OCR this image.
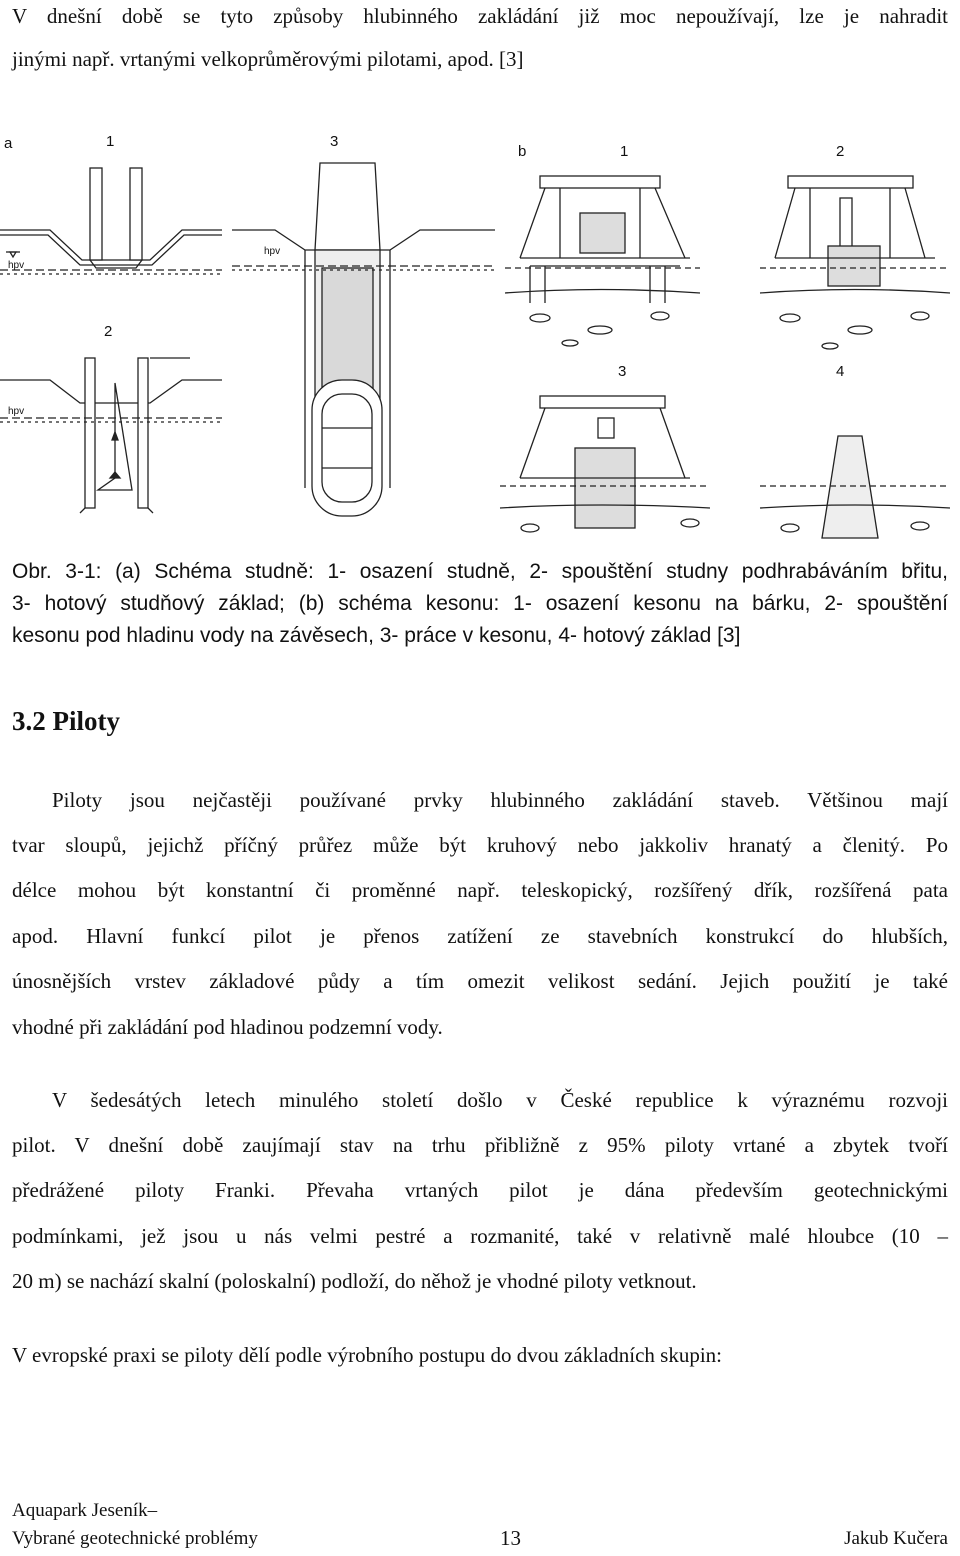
V dnešní době se tyto způsoby hlubinného zakládání již moc nepoužívají, lze je nahradit

jinými např. vrtanými velkoprůměrovými pilotami, apod. [3]

a	1	3
2
hpv
hpv
hpv
b	1	2
3	4

Obr. 3-1: (a) Schéma studně: 1- osazení studně, 2- spouštění studny podhrabáváním břitu,

3- hotový studňový základ; (b) schéma kesonu: 1- osazení kesonu na bárku, 2- spouštění

kesonu pod hladinu vody na závěsech, 3- práce v kesonu, 4- hotový základ [3]

3.2 Piloty

Piloty jsou nejčastěji používané prvky hlubinného zakládání staveb. Většinou mají

tvar sloupů, jejichž příčný průřez může být kruhový nebo jakkoliv hranatý a členitý. Po

délce mohou být konstantní či proměnné např. teleskopický, rozšířený dřík, rozšířená pata

apod. Hlavní funkcí pilot je přenos zatížení ze stavebních konstrukcí do hlubších,

únosnějších vrstev základové půdy a tím omezit velikost sedání. Jejich použití je také

vhodné při zakládání pod hladinou podzemní vody.

V šedesátých letech minulého století došlo v České republice k výraznému rozvoji

pilot. V dnešní době zaujímají stav na trhu přibližně z 95% piloty vrtané a zbytek tvoří

předrážené piloty Franki. Převaha vrtaných pilot je dána především geotechnickými

podmínkami, jež jsou u nás velmi pestré a rozmanité, také v relativně malé hloubce (10 –

20 m) se nachází skalní (poloskalní) podloží, do něhož je vhodné piloty vetknout.

V evropské praxi se piloty dělí podle výrobního postupu do dvou základních skupin:

Aquapark Jeseník–

Vybrané geotechnické problémy	13	Jakub Kučera
